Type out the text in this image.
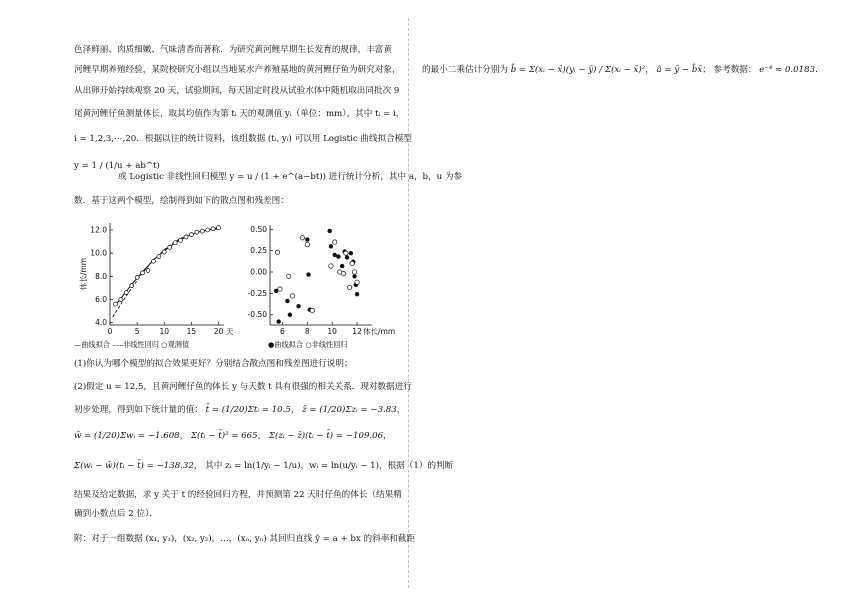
色泽鲜丽、肉质细嫩、气味清香而著称．为研究黄河鲤早期生长发育的规律，丰富黄
河鲤早期养殖经验，某院校研究小组以当地某水产养殖基地的黄河鲤仔鱼为研究对象，
从出卵开始持续观察 20 天，试验期间，每天固定时段从试验水体中随机取出同批次 9
尾黄河鲤仔鱼测量体长，取其均值作为第 tᵢ 天的观测值 yᵢ（单位：mm），其中 tᵢ = i，
i = 1,2,3,⋯,20．根据以往的统计资料，该组数据 (tᵢ, yᵢ) 可以用 Logistic 曲线拟合模型
y = 1 / (1/u + ab^t)
或 Logistic 非线性回归模型 y = u / (1 + e^(a−bt)) 进行统计分析，其中 a，b，u 为参
数．基于这两个模型，绘制得到如下的散点图和残差图：
4.0
6.0
8.0
10.0
12.0
0	5	10 15 20 天
体长/mm
—曲线拟合 –––非线性回归 ○观测值
0.50
0.25
0.00
-0.25
-0.50
6	8 10 12 体长/mm
●曲线拟合 ○非线性回归
(1)你认为哪个模型的拟合效果更好？分别结合散点图和残差图进行说明；
(2)假定 u = 12.5，且黄河鲤仔鱼的体长 y 与天数 t 具有很强的相关关系．现对数据进行
初步处理，得到如下统计量的值： t̄ = (1/20)Σtᵢ = 10.5， z̄ = (1/20)Σzᵢ = −3.83，
w̄ = (1/20)Σwᵢ = −1.608， Σ(tᵢ − t̄)² = 665， Σ(zᵢ − z̄)(tᵢ − t̄) = −109.06，
Σ(wᵢ − w̄)(tᵢ − t̄) = −138.32， 其中 zᵢ = ln(1/yᵢ − 1/u)，wᵢ = ln(u/yᵢ − 1)，根据（1）的判断
结果及给定数据，求 y 关于 t 的经验回归方程，并预测第 22 天时仔鱼的体长（结果精
确到小数点后 2 位）．
附：对于一组数据 (x₁, y₁)，(x₂, y₂)，…，(xₙ, yₙ) 其回归直线 ŷ = a + bx 的斜率和截距
的最小二乘估计分别为 b̂ = Σ(xᵢ − x̄)(yᵢ − ȳ) / Σ(xᵢ − x̄)²， â = ȳ − b̂x̄； 参考数据： e⁻⁴ ≈ 0.0183．
